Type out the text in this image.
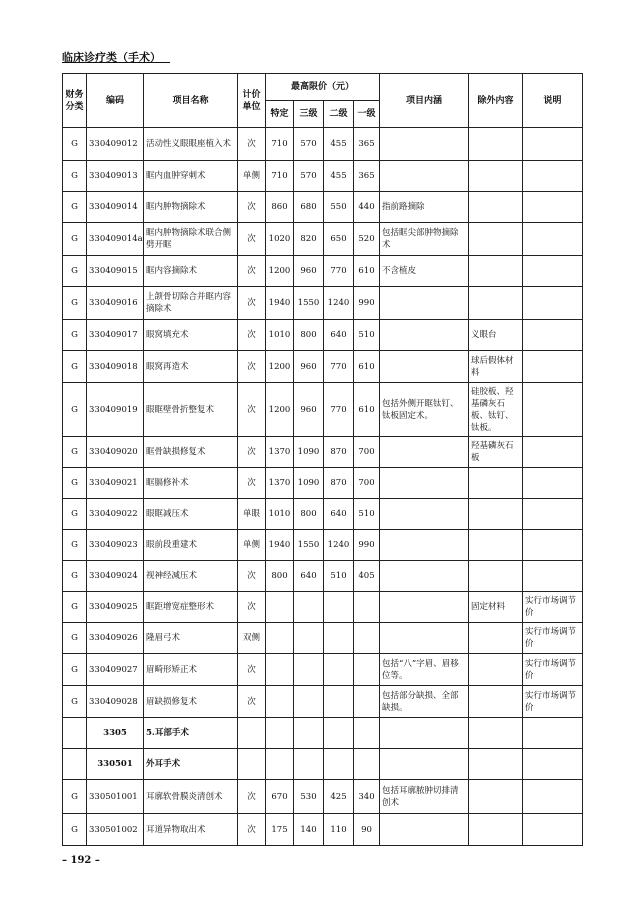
临床诊疗类（手术）
财务分类	编码	项目名称	计价单位	最高限价（元）				项目内涵	除外内容	说明
				特定	三级	二级	一级			
G	330409012	活动性义眼眼座植入术	次	710	570	455	365			
G	330409013	眶内血肿穿刺术	单侧	710	570	455	365			
G	330409014	眶内肿物摘除术	次	860	680	550	440	指前路摘除		
G	330409014a	眶内肿物摘除术联合侧劈开眶	次	1020	820	650	520	包括眶尖部肿物摘除术		
G	330409015	眶内容摘除术	次	1200	960	770	610	不含植皮		
G	330409016	上颌骨切除合并眶内容摘除术	次	1940	1550	1240	990			
G	330409017	眼窝填充术	次	1010	800	640	510		义眼台	
G	330409018	眼窝再造术	次	1200	960	770	610		球后假体材料	
G	330409019	眼眶壁骨折整复术	次	1200	960	770	610	包括外侧开眶钛钉、钛板固定术。	硅胶板、羟基磷灰石板、钛钉、钛板。	
G	330409020	眶骨缺损修复术	次	1370	1090	870	700		羟基磷灰石板	
G	330409021	眶膈修补术	次	1370	1090	870	700			
G	330409022	眼眶减压术	单眼	1010	800	640	510			
G	330409023	眼前段重建术	单侧	1940	1550	1240	990			
G	330409024	视神经减压术	次	800	640	510	405			
G	330409025	眶距增宽症整形术	次						固定材料	实行市场调节价
G	330409026	隆眉弓术	双侧							实行市场调节价
G	330409027	眉畸形矫正术	次					包括“八”字眉、眉移位等。		实行市场调节价
G	330409028	眉缺损修复术	次					包括部分缺损、全部缺损。		实行市场调节价
	3305	5.耳部手术								
	330501	外耳手术								
G	330501001	耳廓软骨膜炎清创术	次	670	530	425	340	包括耳廓脓肿切排清创术		
G	330501002	耳道异物取出术	次	175	140	110	90			
– 192 –
